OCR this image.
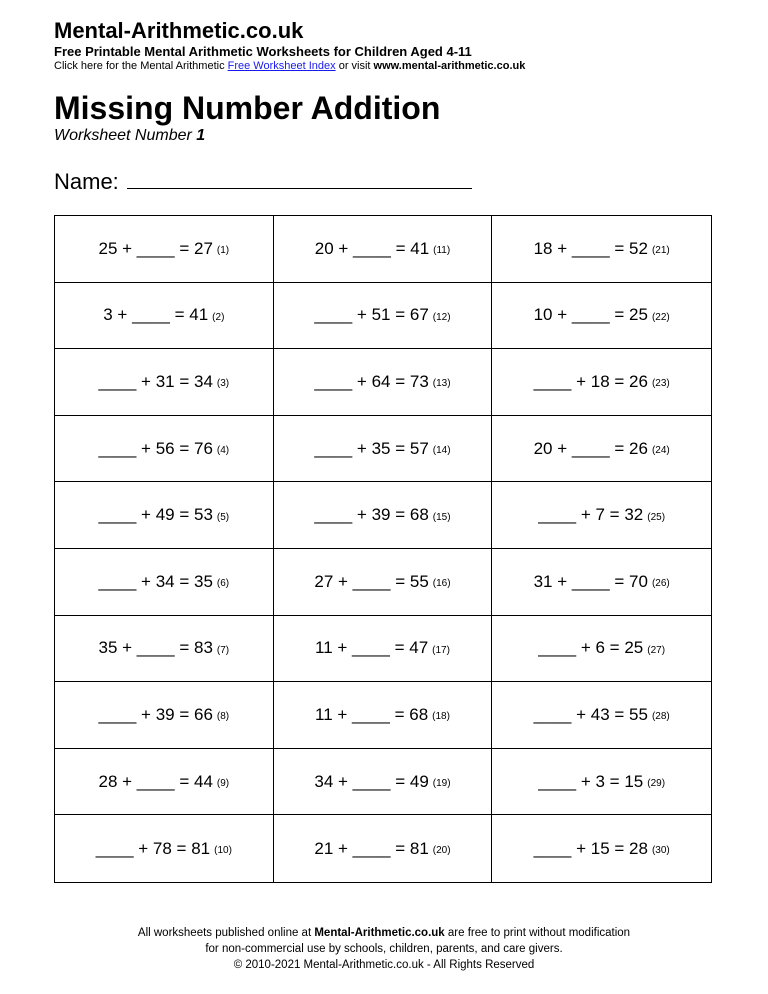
Mental-Arithmetic.co.uk
Free Printable Mental Arithmetic Worksheets for Children Aged 4-11
Click here for the Mental Arithmetic Free Worksheet Index or visit www.mental-arithmetic.co.uk
Missing Number Addition
Worksheet Number 1
Name:
25 + ____ = 27 (1)	20 + ____ = 41 (11)	18 + ____ = 52 (21)
3 + ____ = 41 (2)	____ + 51 = 67 (12)	10 + ____ = 25 (22)
____ + 31 = 34 (3)	____ + 64 = 73 (13)	____ + 18 = 26 (23)
____ + 56 = 76 (4)	____ + 35 = 57 (14)	20 + ____ = 26 (24)
____ + 49 = 53 (5)	____ + 39 = 68 (15)	____ + 7 = 32 (25)
____ + 34 = 35 (6)	27 + ____ = 55 (16)	31 + ____ = 70 (26)
35 + ____ = 83 (7)	11 + ____ = 47 (17)	____ + 6 = 25 (27)
____ + 39 = 66 (8)	11 + ____ = 68 (18)	____ + 43 = 55 (28)
28 + ____ = 44 (9)	34 + ____ = 49 (19)	____ + 3 = 15 (29)
____ + 78 = 81 (10)	21 + ____ = 81 (20)	____ + 15 = 28 (30)
All worksheets published online at Mental-Arithmetic.co.uk are free to print without modification
for non-commercial use by schools, children, parents, and care givers.
© 2010-2021 Mental-Arithmetic.co.uk - All Rights Reserved
